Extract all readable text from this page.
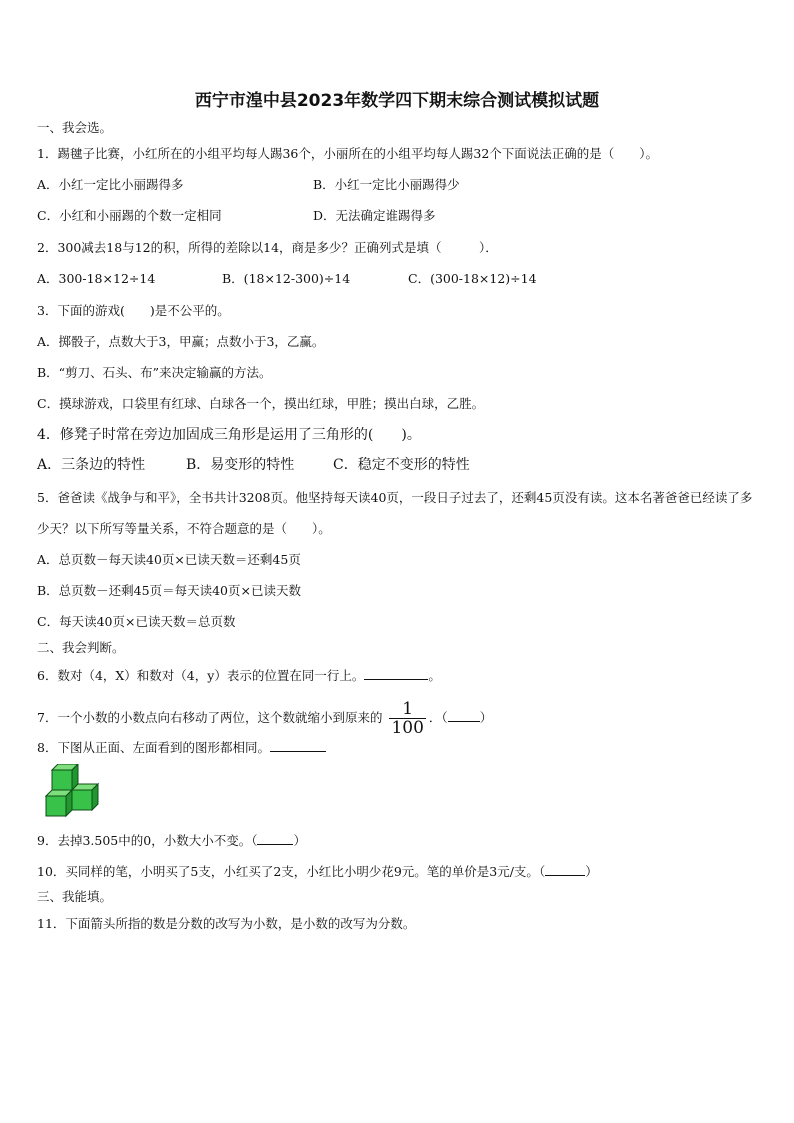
西宁市湟中县2023年数学四下期末综合测试模拟试题
一、我会选。
1．踢毽子比赛，小红所在的小组平均每人踢36个，小丽所在的小组平均每人踢32个下面说法正确的是（　　）。
A．小红一定比小丽踢得多	B．小红一定比小丽踢得少
C．小红和小丽踢的个数一定相同	D．无法确定谁踢得多
2．300减去18与12的积，所得的差除以14，商是多少？正确列式是填（　　　）．
A．300-18×12÷14	B．(18×12-300)÷14	C．(300-18×12)÷14
3．下面的游戏(　　)是不公平的。
A．掷骰子，点数大于3，甲赢；点数小于3，乙赢。
B．“剪刀、石头、布”来决定输赢的方法。
C．摸球游戏，口袋里有红球、白球各一个，摸出红球，甲胜；摸出白球，乙胜。
4．修凳子时常在旁边加固成三角形是运用了三角形的(　　)。
A．三条边的特性	B．易变形的特性	C．稳定不变形的特性
5．爸爸读《战争与和平》，全书共计3208页。他坚持每天读40页，一段日子过去了，还剩45页没有读。这本名著爸爸已经读了多少天？以下所写等量关系，不符合题意的是（　　）。
A．总页数－每天读40页×已读天数＝还剩45页
B．总页数－还剩45页＝每天读40页×已读天数
C．每天读40页×已读天数＝总页数
二、我会判断。
6．数对（4，X）和数对（4，y）表示的位置在同一行上。	。
7．一个小数的小数点向右移动了两位，这个数就缩小到原来的 $\frac{1}{100}$ ．（	）
8．下图从正面、左面看到的图形都相同。
9．去掉3.505中的0，小数大小不变。（	）
10．买同样的笔，小明买了5支，小红买了2支，小红比小明少花9元。笔的单价是3元/支。（	）
三、我能填。
11．下面箭头所指的数是分数的改写为小数，是小数的改写为分数。
